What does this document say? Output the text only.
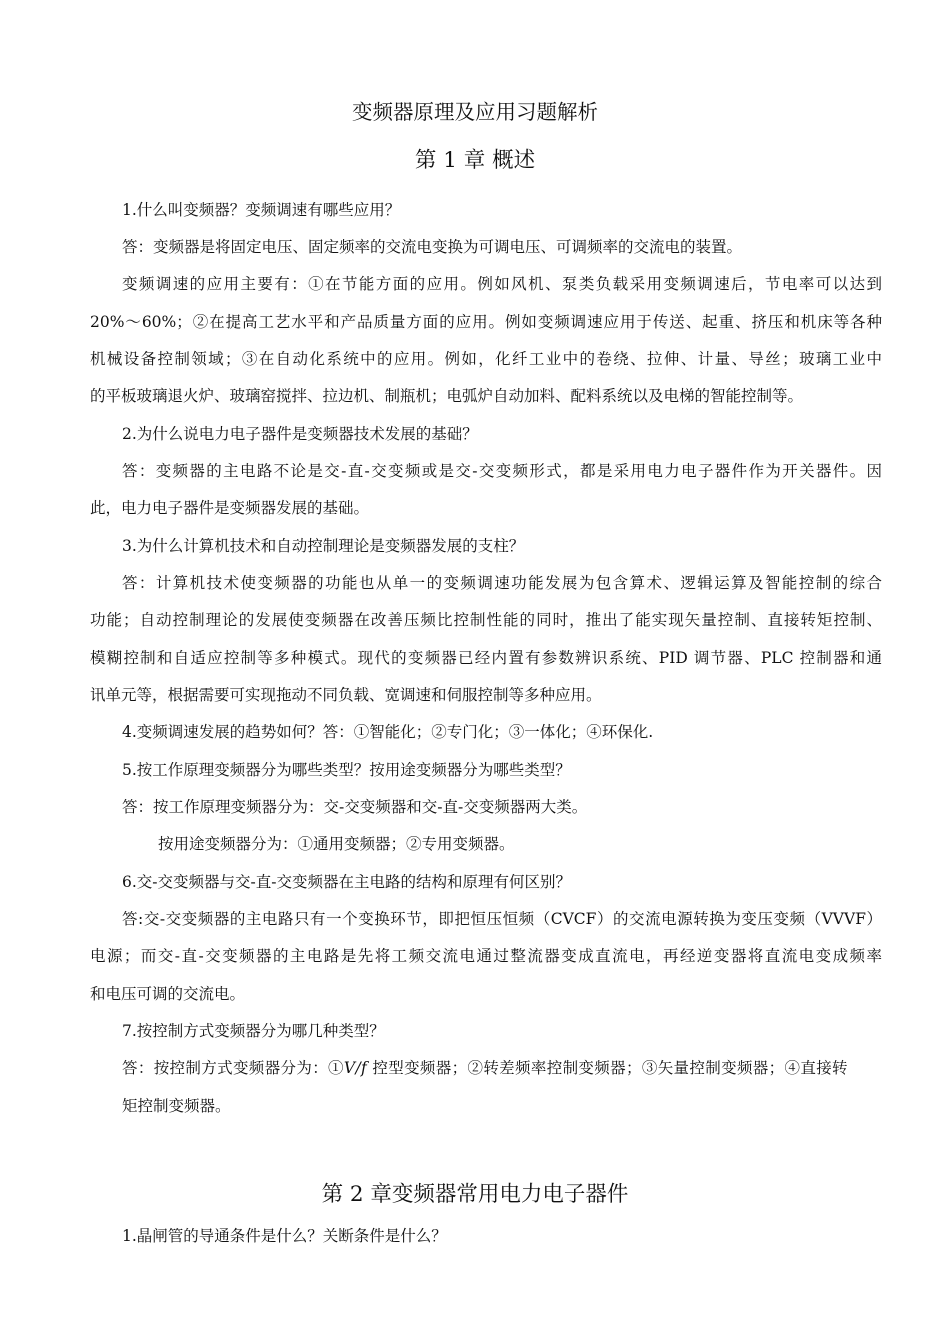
变频器原理及应用习题解析
第 1 章 概述
1.什么叫变频器？变频调速有哪些应用？
答：变频器是将固定电压、固定频率的交流电变换为可调电压、可调频率的交流电的装置。
变频调速的应用主要有：①在节能方面的应用。例如风机、泵类负载采用变频调速后，节电率可以达到
20%～60%；②在提高工艺水平和产品质量方面的应用。例如变频调速应用于传送、起重、挤压和机床等各种
机械设备控制领域；③在自动化系统中的应用。例如，化纤工业中的卷绕、拉伸、计量、导丝；玻璃工业中
的平板玻璃退火炉、玻璃窑搅拌、拉边机、制瓶机；电弧炉自动加料、配料系统以及电梯的智能控制等。
2.为什么说电力电子器件是变频器技术发展的基础？
答：变频器的主电路不论是交-直-交变频或是交-交变频形式，都是采用电力电子器件作为开关器件。因
此，电力电子器件是变频器发展的基础。
3.为什么计算机技术和自动控制理论是变频器发展的支柱？
答：计算机技术使变频器的功能也从单一的变频调速功能发展为包含算术、逻辑运算及智能控制的综合
功能；自动控制理论的发展使变频器在改善压频比控制性能的同时，推出了能实现矢量控制、直接转矩控制、
模糊控制和自适应控制等多种模式。现代的变频器已经内置有参数辨识系统、PID 调节器、PLC 控制器和通
讯单元等，根据需要可实现拖动不同负载、宽调速和伺服控制等多种应用。
4.变频调速发展的趋势如何？答：①智能化；②专门化；③一体化；④环保化.
5.按工作原理变频器分为哪些类型？按用途变频器分为哪些类型？
答：按工作原理变频器分为：交-交变频器和交-直-交变频器两大类。
按用途变频器分为：①通用变频器；②专用变频器。
6.交-交变频器与交-直-交变频器在主电路的结构和原理有何区别？
答:交-交变频器的主电路只有一个变换环节，即把恒压恒频（CVCF）的交流电源转换为变压变频（VVVF）
电源；而交-直-交变频器的主电路是先将工频交流电通过整流器变成直流电，再经逆变器将直流电变成频率
和电压可调的交流电。
7.按控制方式变频器分为哪几种类型？
答：按控制方式变频器分为：①V/f 控型变频器；②转差频率控制变频器；③矢量控制变频器；④直接转
矩控制变频器。
第 2 章变频器常用电力电子器件
1.晶闸管的导通条件是什么？关断条件是什么？
